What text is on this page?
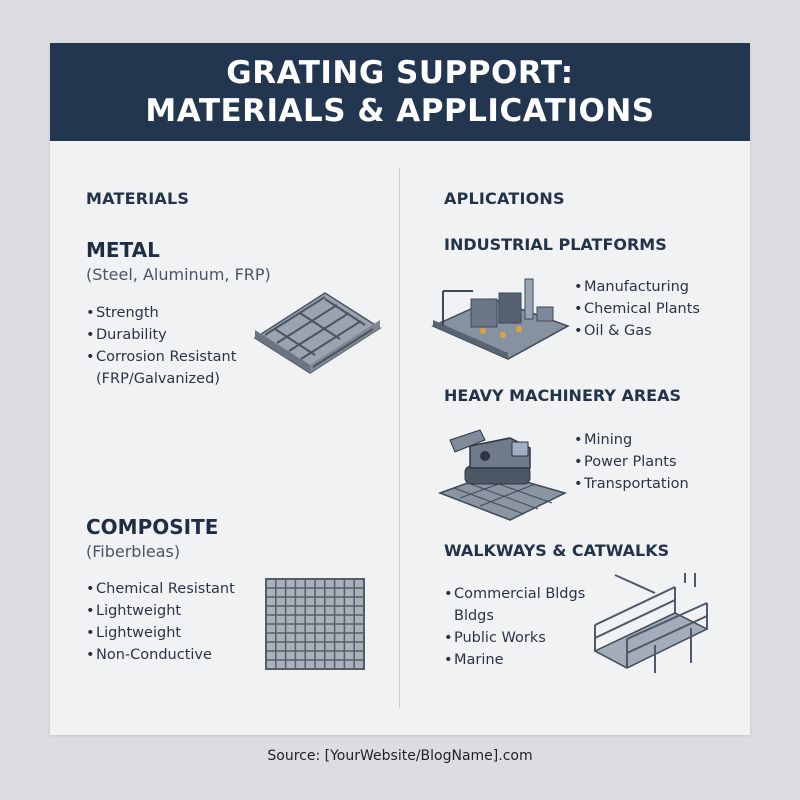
GRATING SUPPORT:
MATERIALS & APPLICATIONS
MATERIALS
METAL
(Steel, Aluminum, FRP)
•Strength
•Durability
•Corrosion Resistant
(FRP/Galvanized)
COMPOSITE
(Fiberbleas)
•Chemical Resistant
•Lightweight
•Lightweight
•Non-Conductive
APLICATIONS
INDUSTRIAL PLATFORMS
•Manufacturing
•Chemical Plants
•Oil & Gas
HEAVY MACHINERY AREAS
•Mining
•Power Plants
•Transportation
WALKWAYS & CATWALKS
•Commercial Bldgs
Bldgs
•Public Works
•Marine
Source: [YourWebsite/BlogName].com
